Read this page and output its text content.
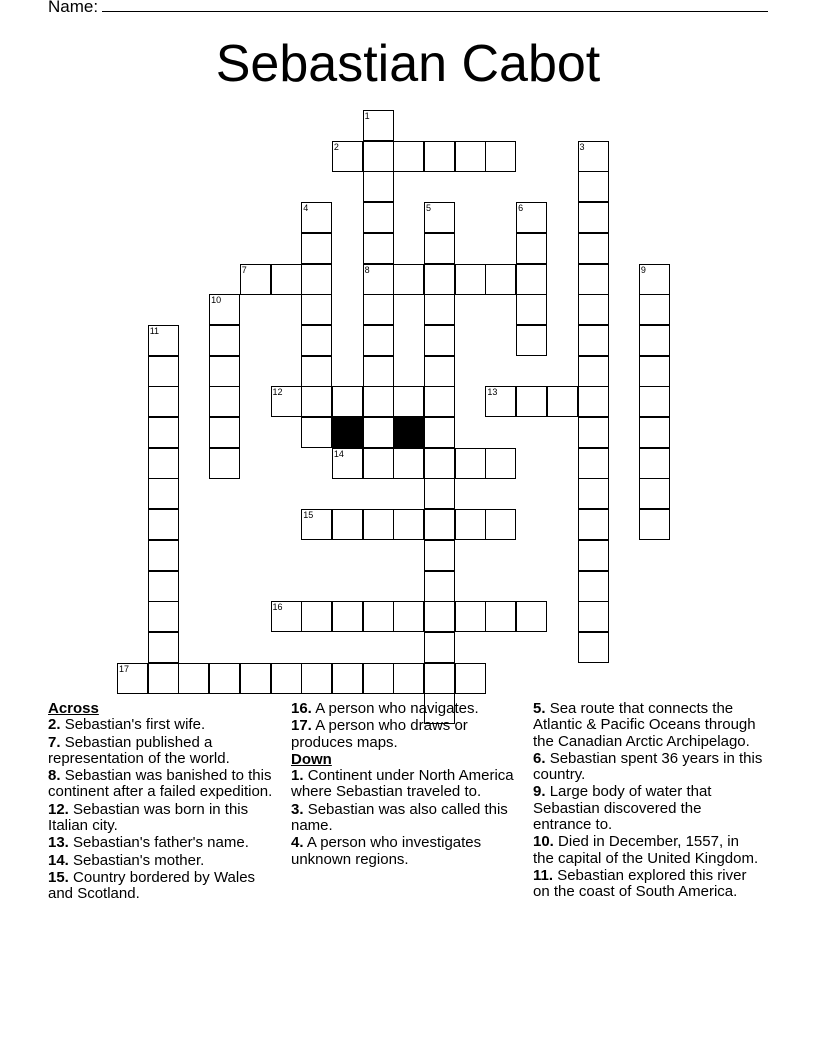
Name:
Sebastian Cabot
1
8
2	3
4	5	6
7	9
10
11
12	13
14
15
16
17
Across
2. Sebastian's first wife.
7. Sebastian published a representation of the world.
8. Sebastian was banished to this continent after a failed expedition.
12. Sebastian was born in this Italian city.
13. Sebastian's father's name.
14. Sebastian's mother.
15. Country bordered by Wales and Scotland.
16. A person who navigates.
17. A person who draws or produces maps.
Down
1. Continent under North America where Sebastian traveled to.
3. Sebastian was also called this name.
4. A person who investigates unknown regions.
5. Sea route that connects the Atlantic & Pacific Oceans through the Canadian Arctic Archipelago.
6. Sebastian spent 36 years in this country.
9. Large body of water that Sebastian discovered the entrance to.
10. Died in December, 1557, in the capital of the United Kingdom.
11. Sebastian explored this river on the coast of South America.
